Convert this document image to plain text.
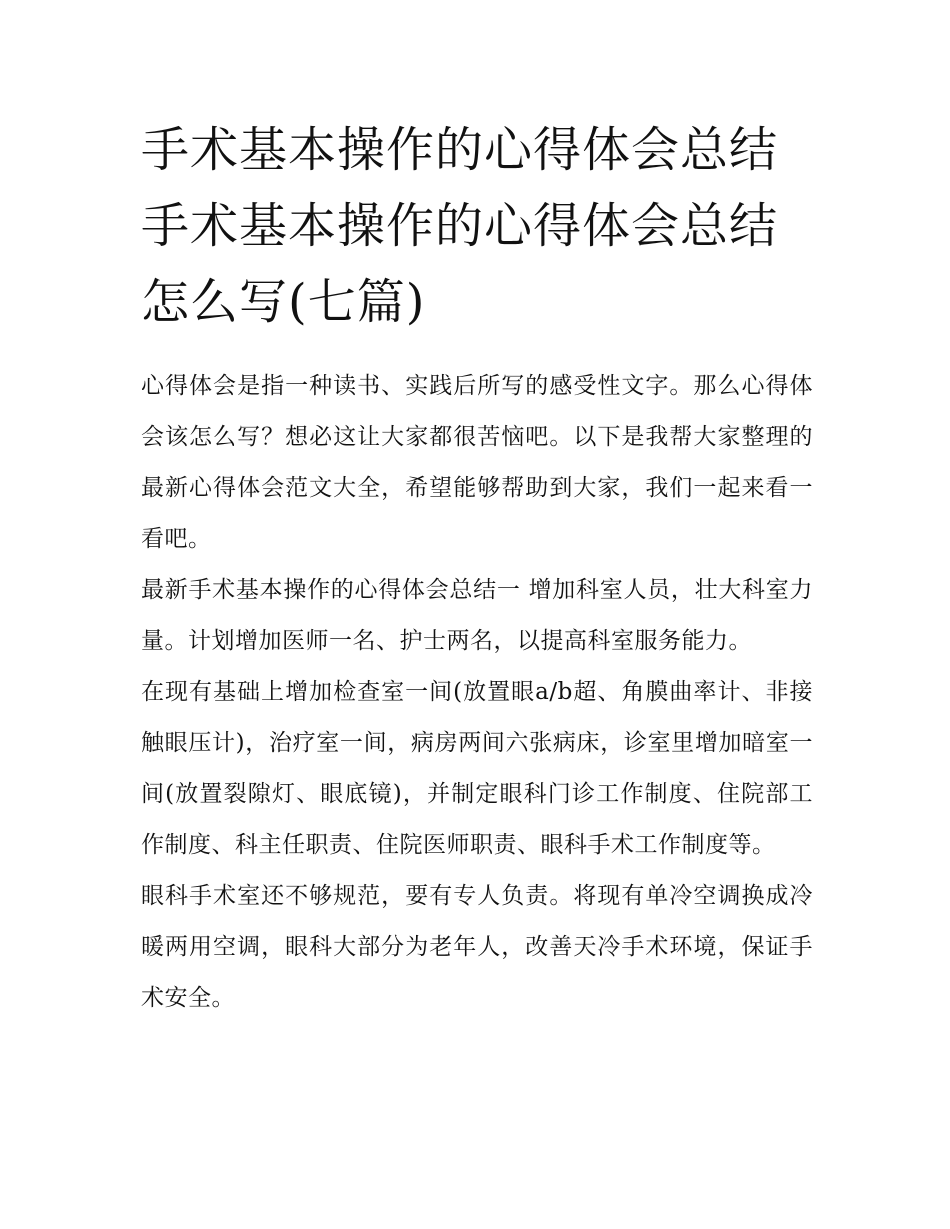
手术基本操作的心得体会总结
手术基本操作的心得体会总结
怎么写(七篇)

心得体会是指一种读书、实践后所写的感受性文字。那么心得体会该怎么写？想必这让大家都很苦恼吧。以下是我帮大家整理的最新心得体会范文大全，希望能够帮助到大家，我们一起来看一看吧。

最新手术基本操作的心得体会总结一 增加科室人员，壮大科室力量。计划增加医师一名、护士两名，以提高科室服务能力。

在现有基础上增加检查室一间(放置眼a/b超、角膜曲率计、非接触眼压计)，治疗室一间，病房两间六张病床，诊室里增加暗室一间(放置裂隙灯、眼底镜)，并制定眼科门诊工作制度、住院部工作制度、科主任职责、住院医师职责、眼科手术工作制度等。

眼科手术室还不够规范，要有专人负责。将现有单冷空调换成冷暖两用空调，眼科大部分为老年人，改善天冷手术环境，保证手术安全。
